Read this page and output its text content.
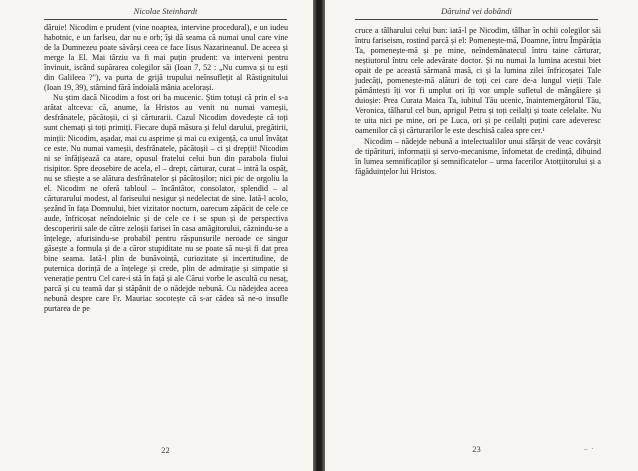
Nicolae Steinhardt

dăruie! Nicodim e prudent (vine noaptea, intervine procedural), e un iudeu habotnic, e un farlseu, dar nu e orb; își dă seama că numai unul care vine de la Dumnezeu poate săvârși ceea ce face Iisus Nazarineanul. De aceea și merge la El. Mai târziu va fi mai puțin prudent: va interveni pentru învinuit, iscând supărarea colegilor săi (Ioan 7, 52 : „Nu cumva și tu ești din Galileea ?"), va purta de grijă trupului neînsuflețit al Răstignitului (Ioan 19, 39), stârnind fără îndoială mânia acelorași.

Nu știm dacă Nicodim a fost ori ba mucenic. Știm totuși că prin el s-a arătat altceva: că, anume, la Hristos au venit nu numai vameșii, desfrânatele, păcătoșii, ci și cărturarii. Cazul Nicodim dovedește că toți sunt chemați și toți primiți. Fiecare după măsura și felul darului, pregătirii, minții: Nicodim, așadar, mai cu asprime și mai cu exigență, ca unul învățat ce este. Nu numai vameșii, desfrânatele, păcătoșii – ci și drepții! Nicodim ni se înfățișează ca atare, opusul fratelui celui bun din parabola fiului risipitor. Spre deosebire de acela, el – drept, cărturar, curat – intră la ospăț, nu se sfiește a se alătura desfrânatelor și păcătoșilor; nici pic de orgoliu la el. Nicodim ne oferă tabloul – încântător, consolator, splendid – al cărturarului modest, al fariseului nesigur și nedelectat de sine. Iată-l acolo, șezând în fața Domnului, biet vizitator nocturn, oarecum zăpăcit de cele ce aude, înfricoșat neîndoielnic și de cele ce i se spun și de perspectiva descoperirii sale de către zeloșii farisei în casa amăgitorului, căznindu-se a înțelege, afurisindu-se probabil pentru răspunsurile neroade ce singur găsește a formula și de a căror stupiditate nu se poate să nu-și fi dat prea bine seama. Iată-l plin de bunăvoință, curiozitate și incertitudine, de puternica dorință de a înțelege și crede, plin de admirație și simpatie și venerație pentru Cel care-i stă în față și ale Cărui vorbe le ascultă cu nesaț, parcă și cu teamă dar și stăpânit de o nădejde nebună. Cu nădejdea aceea nebună despre care Fr. Mauriac socotește că s-ar cădea să ne-o insufle purtarea de pe

22
Dăruind vei dobândi

cruce a tâlharului celui bun: iată-l pe Nicodim, tâlhar în ochii colegilor săi întru fariseism, rostind parcă și el: Pomenește-mă, Doamne, întru Împărăția Ta, pomenește-mă și pe mine, neîndemânatecul întru taine cărturar, neștiutorul întru cele adevărate doctor. Și nu numai la lumina acestui biet opait de pe această sărmană masă, ci și la lumina zilei înfricoșatei Tale judecăți, pomenește-mă alături de toți cei care de-a lungul vieții Tale pământești îți vor fi umplut ori îți vor umple sufletul de mângâiere și duioșie: Prea Curata Maica Ta, iubitul Tău ucenic, înaintemergătorul Tău, Veronica, tâlharul cel bun, aprigul Petru și toți ceilalți și toate celelalte. Nu te uita nici pe mine, ori pe Luca, ori și pe ceilalți puțini care adeveresc oamenilor că și cărturarilor le este deschisă calea spre cer.¹

Nicodim – nădejde nebună a intelectualilor unui sfârșit de veac covârșit de tipărituri, informații și servo-mecanisme, înfometat de credință, dibuind în lumea semnificaților și semnificatelor – urma facerilor Atotțiitorului și a făgăduințelor lui Hristos.

23	– ·
